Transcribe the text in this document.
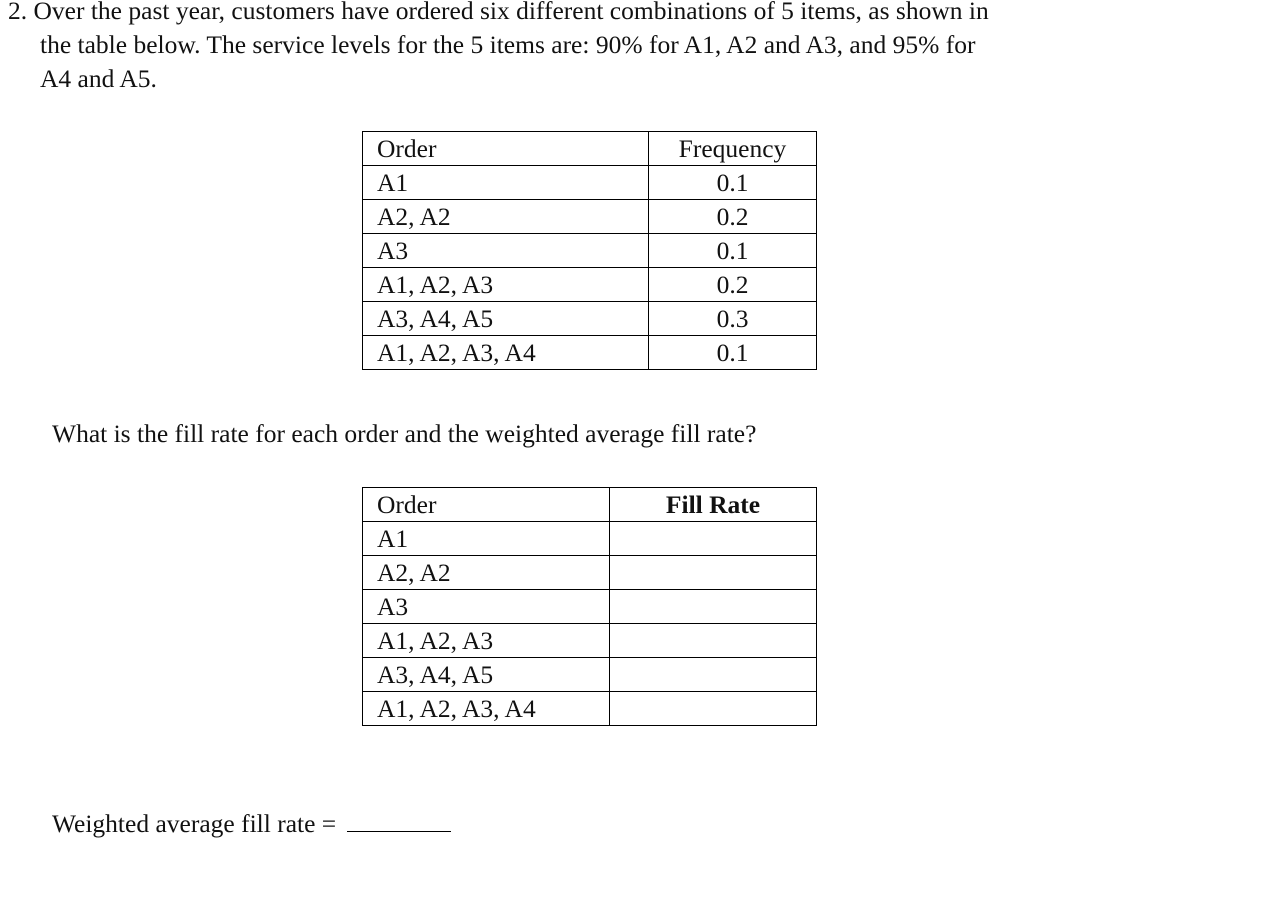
2. Over the past year, customers have ordered six different combinations of 5 items, as shown in
the table below. The service levels for the 5 items are: 90% for A1, A2 and A3, and 95% for
A4 and A5.
Order	Frequency
A1	0.1
A2, A2	0.2
A3	0.1
A1, A2, A3	0.2
A3, A4, A5	0.3
A1, A2, A3, A4	0.1
What is the fill rate for each order and the weighted average fill rate?
Order	Fill Rate
A1	
A2, A2	
A3	
A1, A2, A3	
A3, A4, A5	
A1, A2, A3, A4	
Weighted average fill rate =
